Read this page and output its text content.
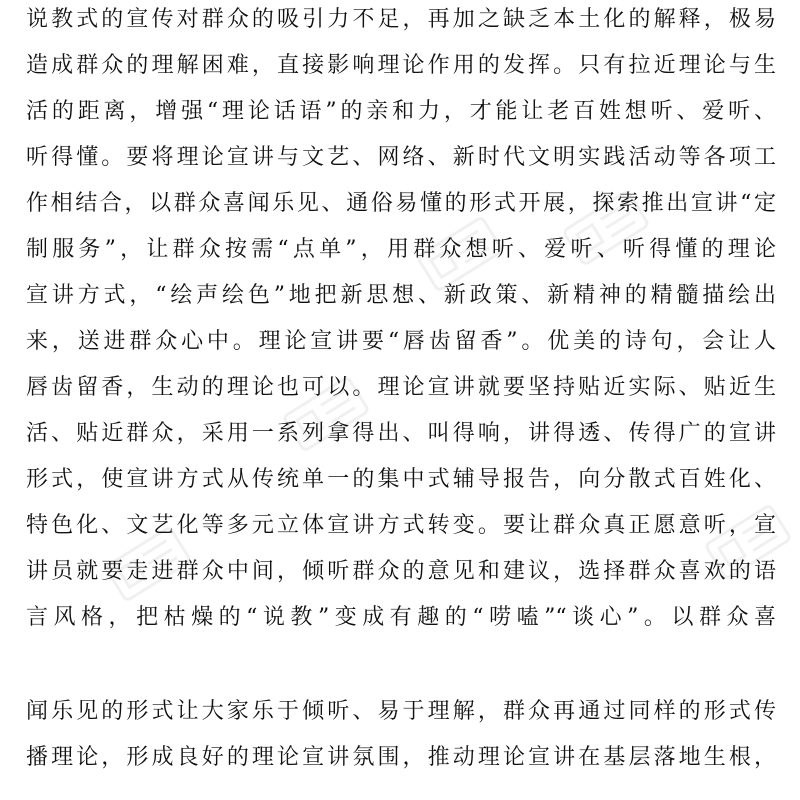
说教式的宣传对群众的吸引力不足，再加之缺乏本土化的解释，极易

造成群众的理解困难，直接影响理论作用的发挥。只有拉近理论与生

活的距离，增强“理论话语”的亲和力，才能让老百姓想听、爱听、

听得懂。要将理论宣讲与文艺、网络、新时代文明实践活动等各项工

作相结合，以群众喜闻乐见、通俗易懂的形式开展，探索推出宣讲“定

制服务”，让群众按需“点单”，用群众想听、爱听、听得懂的理论

宣讲方式，“绘声绘色”地把新思想、新政策、新精神的精髓描绘出

来，送进群众心中。理论宣讲要“唇齿留香”。优美的诗句，会让人

唇齿留香，生动的理论也可以。理论宣讲就要坚持贴近实际、贴近生

活、贴近群众，采用一系列拿得出、叫得响，讲得透、传得广的宣讲

形式，使宣讲方式从传统单一的集中式辅导报告，向分散式百姓化、

特色化、文艺化等多元立体宣讲方式转变。要让群众真正愿意听，宣

讲员就要走进群众中间，倾听群众的意见和建议，选择群众喜欢的语

言风格，把枯燥的“说教”变成有趣的“唠嗑”“谈心”。以群众喜

闻乐见的形式让大家乐于倾听、易于理解，群众再通过同样的形式传

播理论，形成良好的理论宣讲氛围，推动理论宣讲在基层落地生根，
